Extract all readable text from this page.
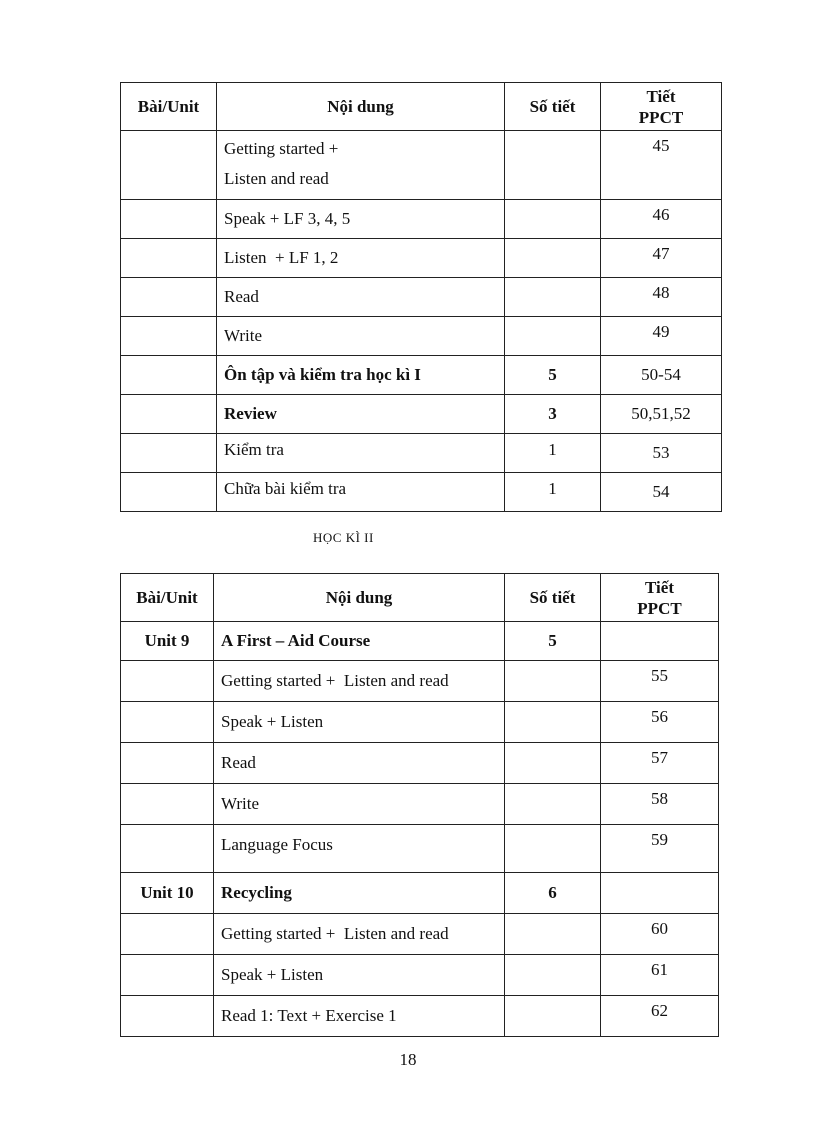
Bài/Unit	Nội dung	Số tiết	Tiết
PPCT

	Getting started +
Listen and read		45
	Speak + LF 3, 4, 5		46
	Listen  + LF 1, 2		47
	Read		48
	Write		49
	Ôn tập và kiểm tra học kì I	5	50-54
	Review	3	50,51,52
	Kiểm tra	1	53
	Chữa bài kiểm tra	1	54
HỌC KÌ II
Bài/Unit	Nội dung	Số tiết	Tiết
PPCT

Unit 9	A First – Aid Course	5	
	Getting started +  Listen and read		55
	Speak + Listen		56
	Read		57
	Write		58
	Language Focus		59
Unit 10	Recycling	6	
	Getting started +  Listen and read		60
	Speak + Listen		61
	Read 1: Text + Exercise 1		62
18
